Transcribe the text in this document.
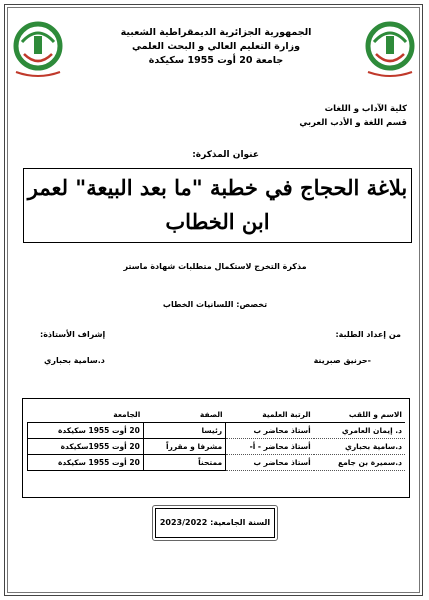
الجمهورية الجزائرية الديمقراطية الشعبية
وزارة التعليم العالي و البحث العلمي
جامعة 20 أوت 1955 سكيكدة
كلية الآداب و اللغات
قسم اللغة و الأدب العربي
عنوان المذكرة:
بلاغة الحجاج في خطبة "ما بعد البيعة" لعمر
ابن الخطاب
مذكرة التخرج لاستكمال متطلبات شهادة ماستر
تخصص: اللسانيات الخطاب
من إعداد الطلبة:
إشراف الأستاذة:
-حرنيق صبرينة
د.سامية بحباري
الاسم و اللقب	الرتبة العلمية	الصفة	الجامعة
د. إيمان العامري	أستاذ محاضر ب	رئيسا	20 أوت 1955 سكيكدة
د.سامية بحباري	أستاذ محاضر - أ-	مشرفا و مقرراً	20 أوت 1955سكيكدة
د.سميرة بن جامع	أستاذ محاضر ب	ممتحناً	20 أوت 1955 سكيكدة
السنة الجامعية: 2023/2022
